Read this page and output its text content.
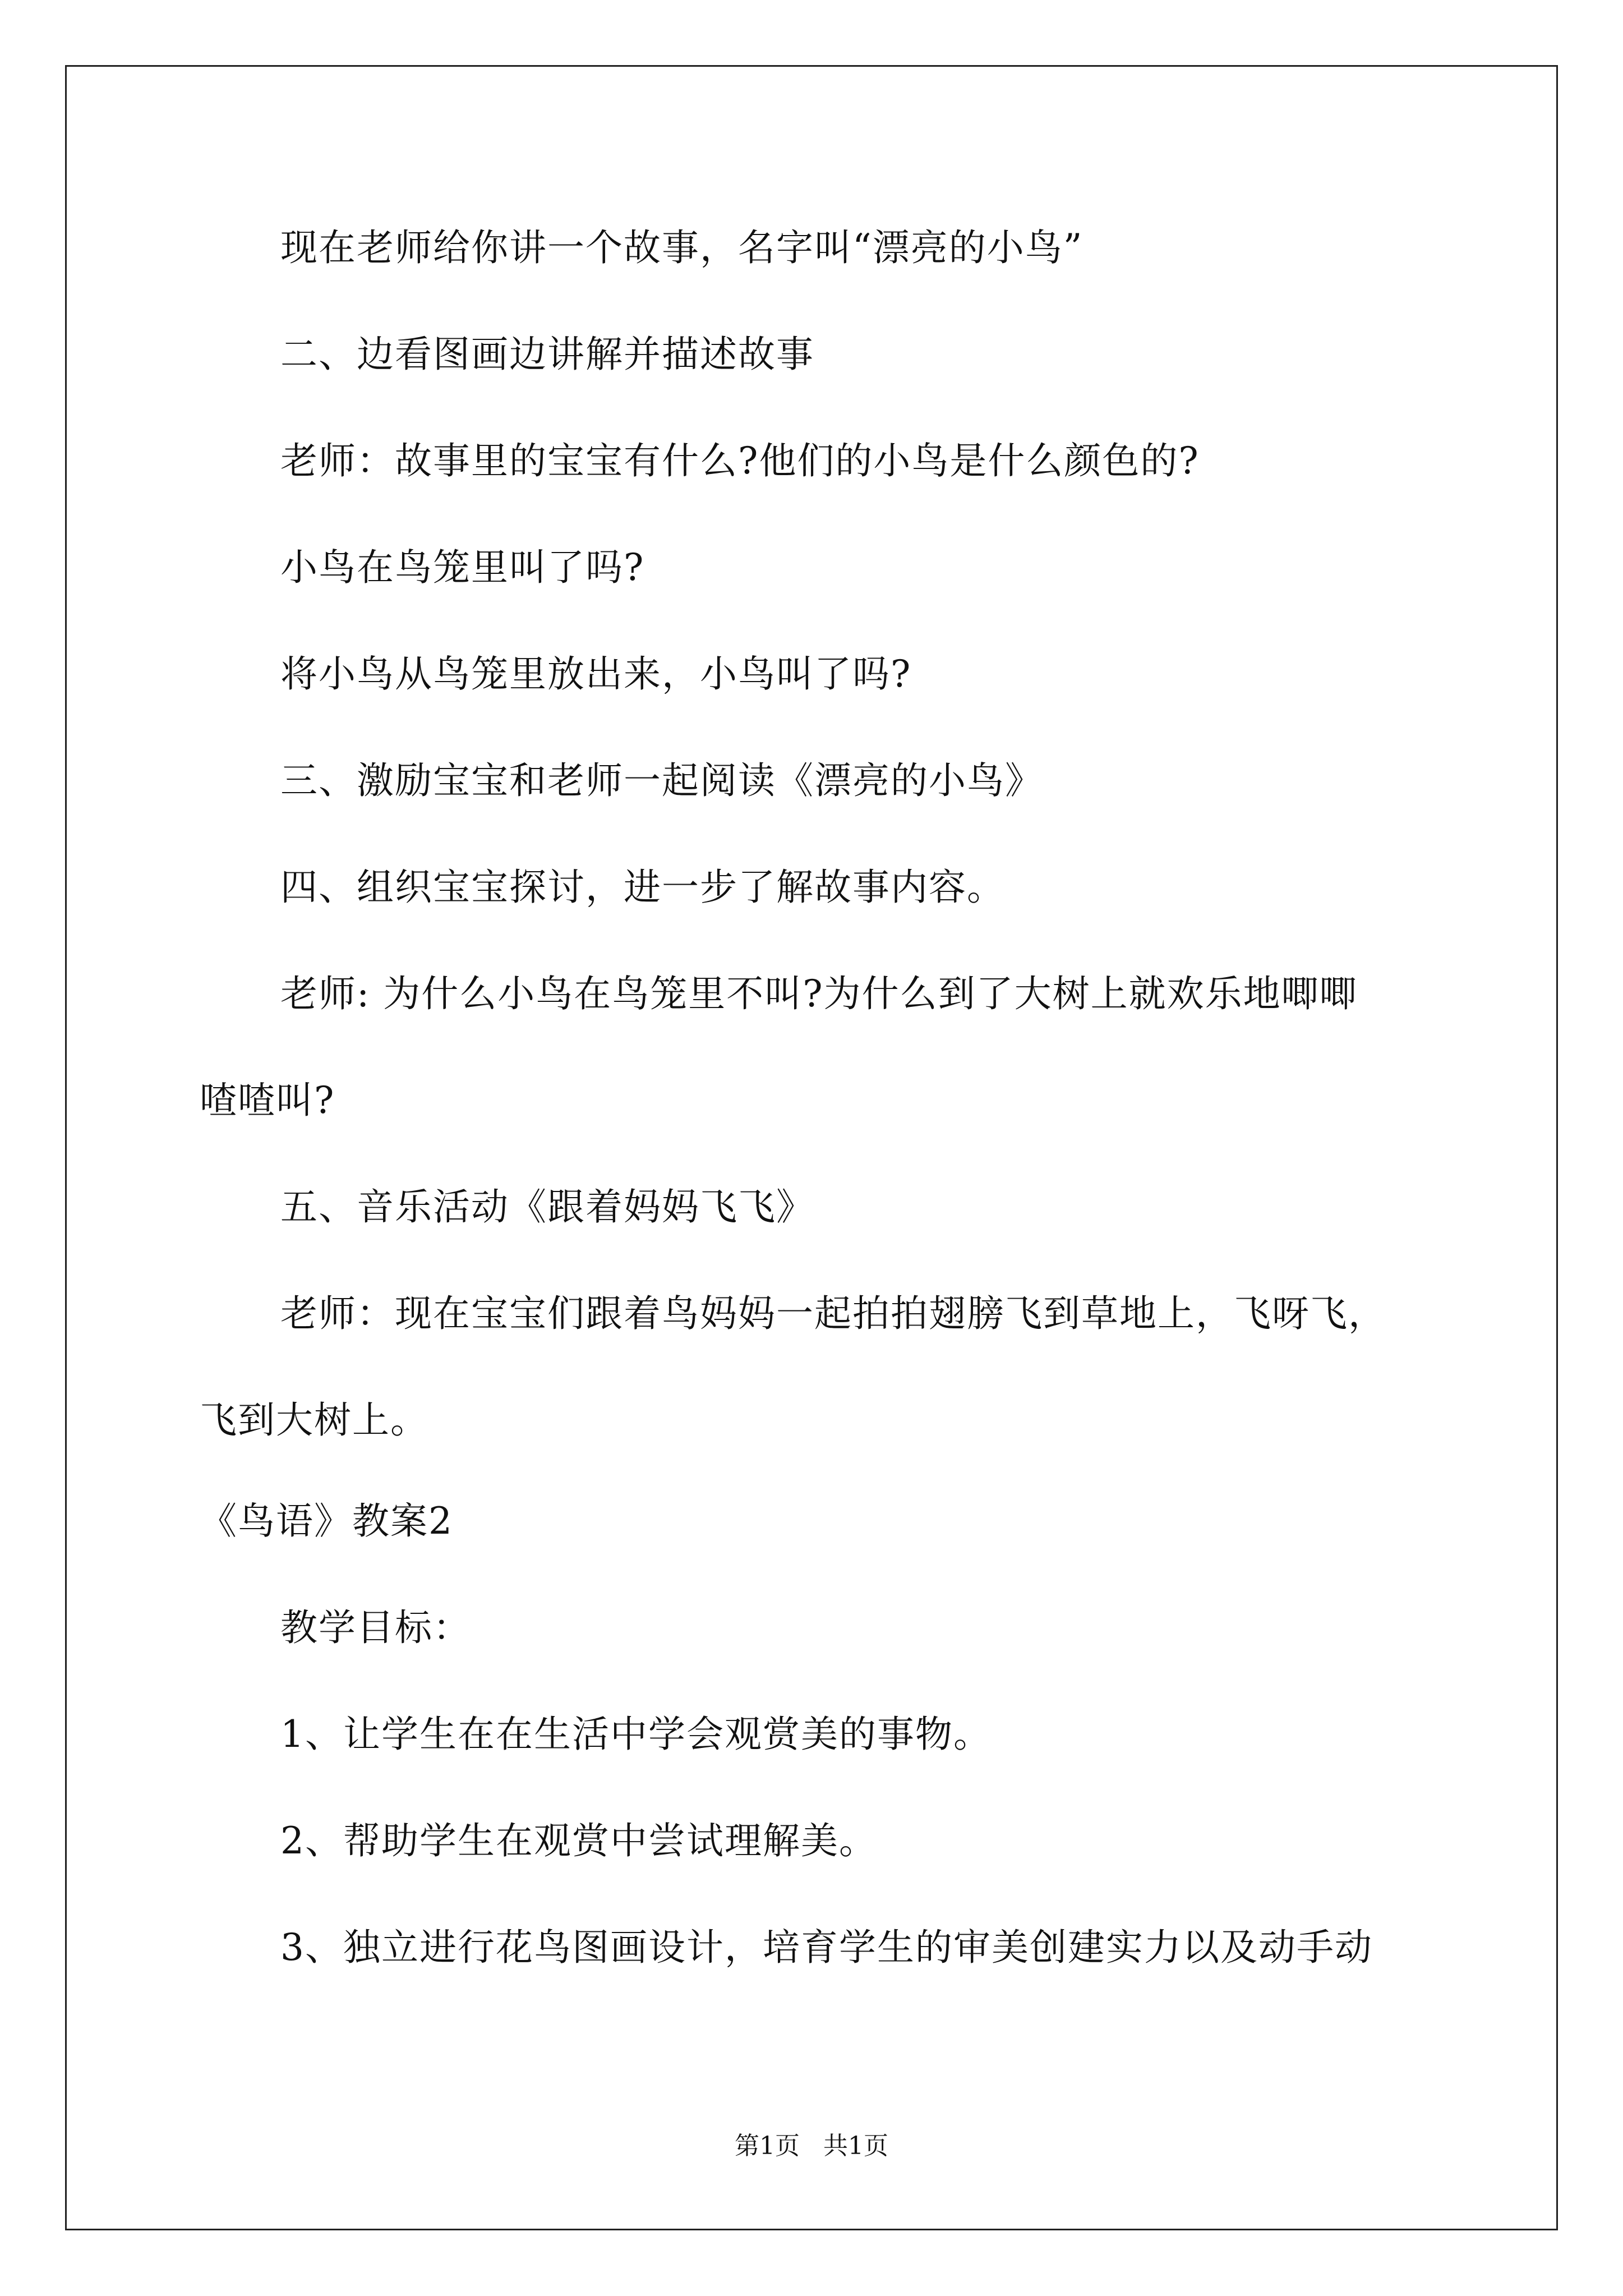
现在老师给你讲一个故事，名字叫“漂亮的小鸟”
二、边看图画边讲解并描述故事
老师：故事里的宝宝有什么?他们的小鸟是什么颜色的?
小鸟在鸟笼里叫了吗?
将小鸟从鸟笼里放出来，小鸟叫了吗?
三、激励宝宝和老师一起阅读《漂亮的小鸟》
四、组织宝宝探讨，进一步了解故事内容。
老师: 为什么小鸟在鸟笼里不叫?为什么到了大树上就欢乐地唧唧
喳喳叫?
五、音乐活动《跟着妈妈飞飞》
老师：现在宝宝们跟着鸟妈妈一起拍拍翅膀飞到草地上，飞呀飞，
飞到大树上。
《鸟语》教案2
教学目标：
1、让学生在在生活中学会观赏美的事物。
2、帮助学生在观赏中尝试理解美。
3、独立进行花鸟图画设计，培育学生的审美创建实力以及动手动
第1页   共1页
